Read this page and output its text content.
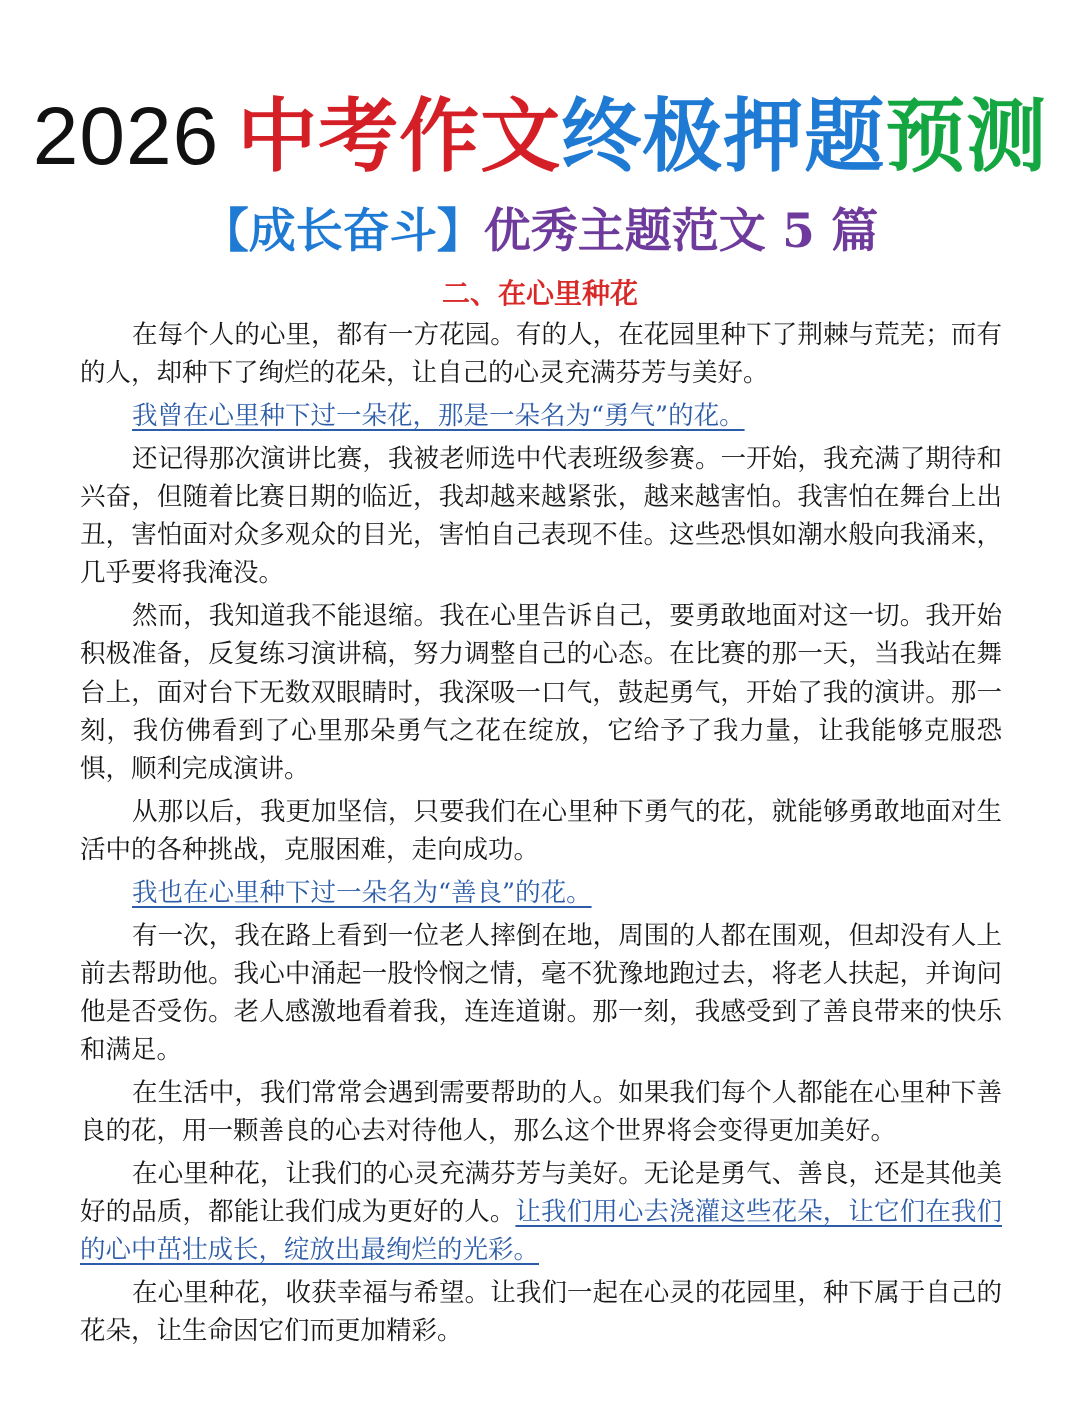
2026 中考作文终极押题预测
【成长奋斗】优秀主题范文 5 篇
二、在心里种花

在每个人的心里，都有一方花园。有的人，在花园里种下了荆棘与荒芜；而有的人，却种下了绚烂的花朵，让自己的心灵充满芬芳与美好。

我曾在心里种下过一朵花，那是一朵名为“勇气”的花。

还记得那次演讲比赛，我被老师选中代表班级参赛。一开始，我充满了期待和兴奋，但随着比赛日期的临近，我却越来越紧张，越来越害怕。我害怕在舞台上出丑，害怕面对众多观众的目光，害怕自己表现不佳。这些恐惧如潮水般向我涌来，几乎要将我淹没。

然而，我知道我不能退缩。我在心里告诉自己，要勇敢地面对这一切。我开始积极准备，反复练习演讲稿，努力调整自己的心态。在比赛的那一天，当我站在舞台上，面对台下无数双眼睛时，我深吸一口气，鼓起勇气，开始了我的演讲。那一刻，我仿佛看到了心里那朵勇气之花在绽放，它给予了我力量，让我能够克服恐惧，顺利完成演讲。

从那以后，我更加坚信，只要我们在心里种下勇气的花，就能够勇敢地面对生活中的各种挑战，克服困难，走向成功。

我也在心里种下过一朵名为“善良”的花。

有一次，我在路上看到一位老人摔倒在地，周围的人都在围观，但却没有人上前去帮助他。我心中涌起一股怜悯之情，毫不犹豫地跑过去，将老人扶起，并询问他是否受伤。老人感激地看着我，连连道谢。那一刻，我感受到了善良带来的快乐和满足。

在生活中，我们常常会遇到需要帮助的人。如果我们每个人都能在心里种下善良的花，用一颗善良的心去对待他人，那么这个世界将会变得更加美好。

在心里种花，让我们的心灵充满芬芳与美好。无论是勇气、善良，还是其他美好的品质，都能让我们成为更好的人。让我们用心去浇灌这些花朵，让它们在我们的心中茁壮成长，绽放出最绚烂的光彩。

在心里种花，收获幸福与希望。让我们一起在心灵的花园里，种下属于自己的花朵，让生命因它们而更加精彩。
